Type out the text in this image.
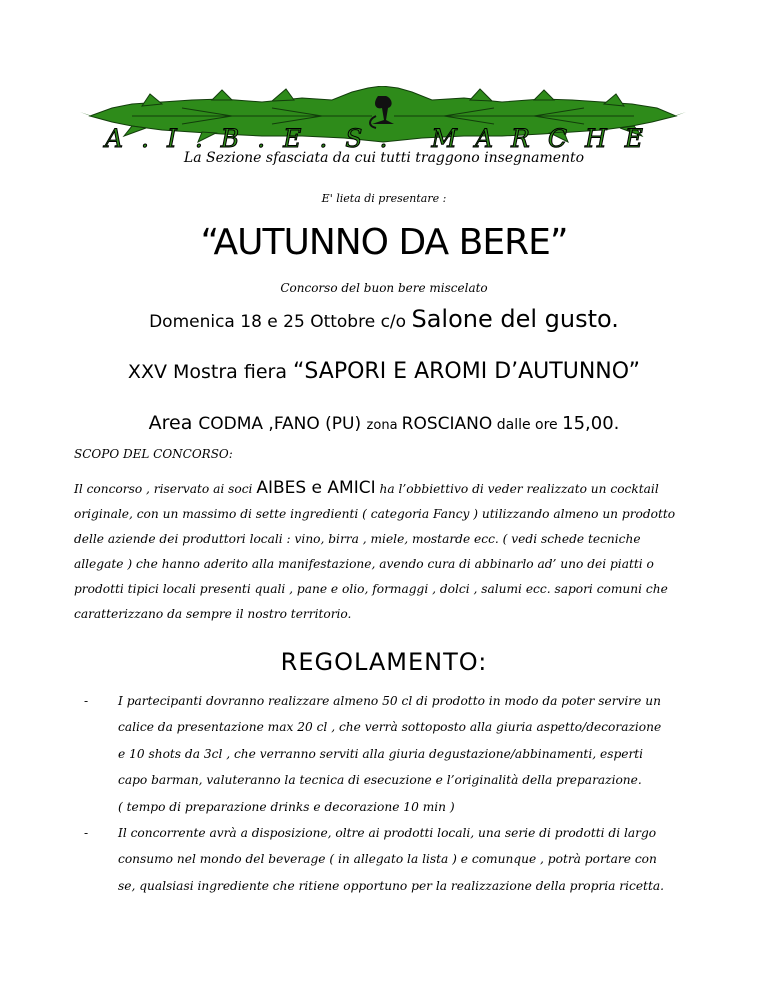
A.I.B.E.S. MARCHE
La Sezione sfasciata da cui tutti traggono insegnamento
E' lieta di presentare :
“AUTUNNO DA BERE”
Concorso del buon bere miscelato
Domenica 18 e 25 Ottobre c/o Salone del gusto.
XXV Mostra fiera “SAPORI E AROMI D’AUTUNNO”
Area CODMA ,FANO (PU) zona ROSCIANO dalle ore 15,00.
SCOPO DEL CONCORSO:

Il concorso , riservato ai soci AIBES e AMICI ha l’obbiettivo di veder realizzato un cocktail

originale, con un massimo di sette ingredienti ( categoria Fancy ) utilizzando almeno un prodotto

delle aziende dei produttori locali : vino, birra , miele, mostarde ecc. ( vedi schede tecniche

allegate ) che hanno aderito alla manifestazione, avendo cura di abbinarlo ad’ uno dei piatti o

prodotti tipici locali presenti quali , pane e olio, formaggi , dolci , salumi ecc. sapori comuni che

caratterizzano da sempre il nostro territorio.

REGOLAMENTO:
- I partecipanti dovranno realizzare almeno 50 cl di prodotto in modo da poter servire un
calice da presentazione max 20 cl , che verrà sottoposto alla giuria aspetto/decorazione
e 10 shots da 3cl , che verranno serviti alla giuria degustazione/abbinamenti, esperti
capo barman, valuteranno la tecnica di esecuzione e l’originalità della preparazione.
( tempo di preparazione drinks e decorazione 10 min )
- Il concorrente avrà a disposizione, oltre ai prodotti locali, una serie di prodotti di largo
consumo nel mondo del beverage ( in allegato la lista ) e comunque , potrà portare con
se, qualsiasi ingrediente che ritiene opportuno per la realizzazione della propria ricetta.
